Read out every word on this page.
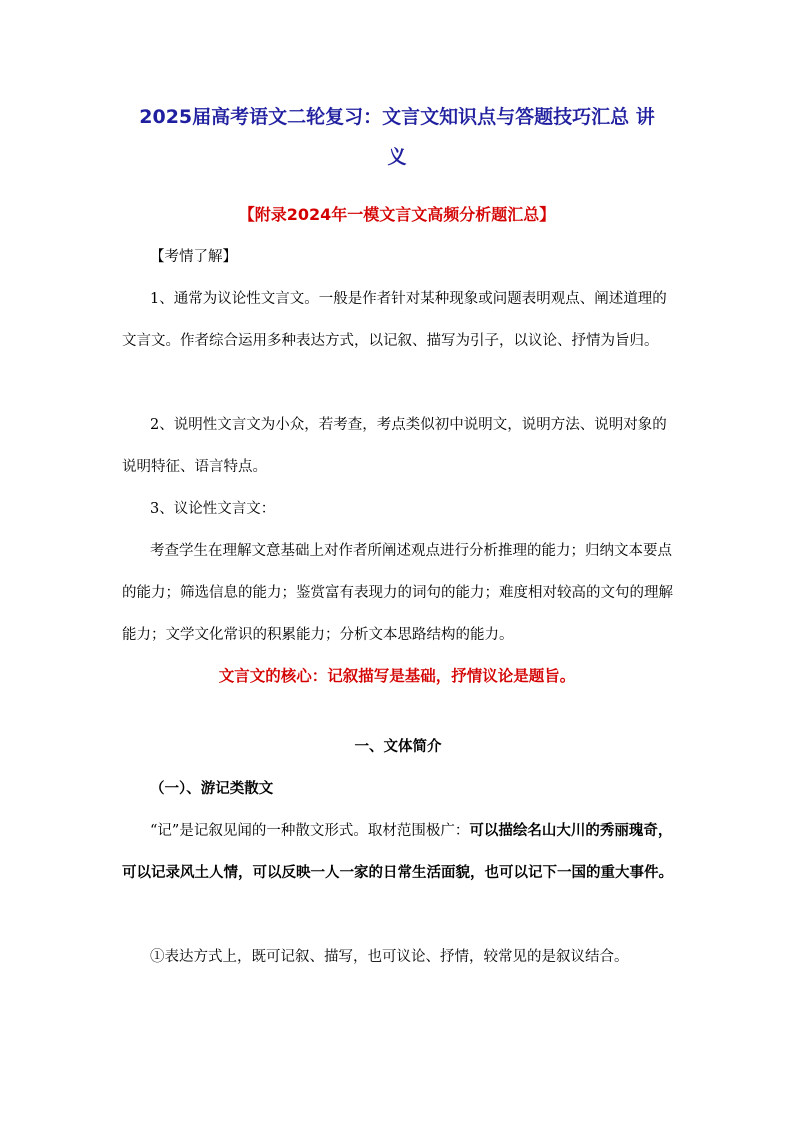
2025届高考语文二轮复习：文言文知识点与答题技巧汇总 讲
义
【附录2024年一模文言文高频分析题汇总】
【考情了解】
1、通常为议论性文言文。一般是作者针对某种现象或问题表明观点、阐述道理的文言文。作者综合运用多种表达方式，以记叙、描写为引子，以议论、抒情为旨归。
2、说明性文言文为小众，若考查，考点类似初中说明文，说明方法、说明对象的说明特征、语言特点。
3、议论性文言文：
考查学生在理解文意基础上对作者所阐述观点进行分析推理的能力；归纳文本要点的能力；筛选信息的能力；鉴赏富有表现力的词句的能力；难度相对较高的文句的理解能力；文学文化常识的积累能力；分析文本思路结构的能力。
文言文的核心：记叙描写是基础，抒情议论是题旨。
一、文体简介
（一）、游记类散文
“记”是记叙见闻的一种散文形式。取材范围极广：可以描绘名山大川的秀丽瑰奇，可以记录风土人情，可以反映一人一家的日常生活面貌，也可以记下一国的重大事件。
①表达方式上，既可记叙、描写，也可议论、抒情，较常见的是叙议结合。
